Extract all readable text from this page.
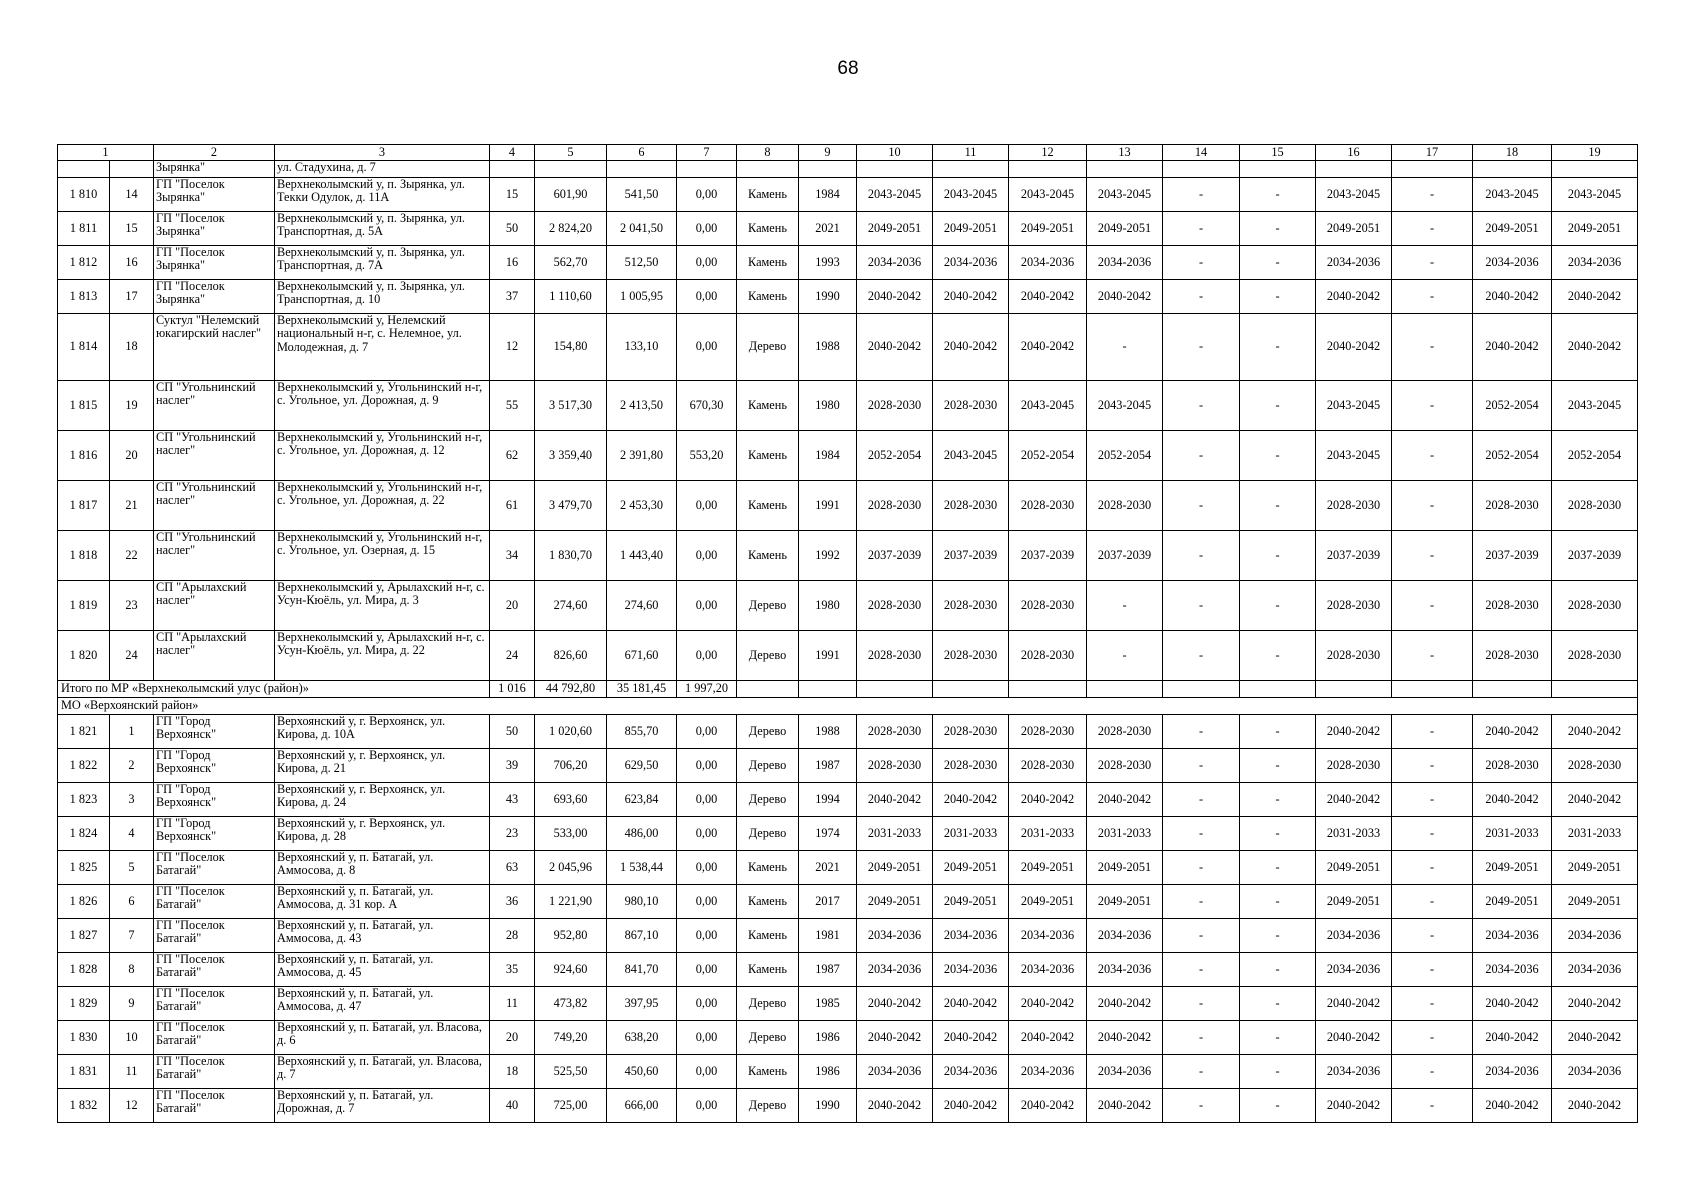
68
1		2	3	4	5	6	7	8	9	10	11	12	13	14	15	16	17	18	19
		Зырянка"	ул. Стадухина, д. 7																
1 810	14	ГП "Поселок Зырянка"	Верхнеколымский у, п. Зырянка, ул. Текки Одулок, д. 11А	15	601,90	541,50	0,00	Камень	1984	2043-2045	2043-2045	2043-2045	2043-2045	-	-	2043-2045	-	2043-2045	2043-2045
1 811	15	ГП "Поселок Зырянка"	Верхнеколымский у, п. Зырянка, ул. Транспортная, д. 5А	50	2 824,20	2 041,50	0,00	Камень	2021	2049-2051	2049-2051	2049-2051	2049-2051	-	-	2049-2051	-	2049-2051	2049-2051
1 812	16	ГП "Поселок Зырянка"	Верхнеколымский у, п. Зырянка, ул. Транспортная, д. 7А	16	562,70	512,50	0,00	Камень	1993	2034-2036	2034-2036	2034-2036	2034-2036	-	-	2034-2036	-	2034-2036	2034-2036
1 813	17	ГП "Поселок Зырянка"	Верхнеколымский у, п. Зырянка, ул. Транспортная, д. 10	37	1 110,60	1 005,95	0,00	Камень	1990	2040-2042	2040-2042	2040-2042	2040-2042	-	-	2040-2042	-	2040-2042	2040-2042
1 814	18	Суктул "Нелемский юкагирский наслег"	Верхнеколымский у, Нелемский национальный н-г, с. Нелемное, ул. Молодежная, д. 7	12	154,80	133,10	0,00	Дерево	1988	2040-2042	2040-2042	2040-2042	-	-	-	2040-2042	-	2040-2042	2040-2042
1 815	19	СП "Угольнинский наслег"	Верхнеколымский у, Угольнинский н-г, с. Угольное, ул. Дорожная, д. 9	55	3 517,30	2 413,50	670,30	Камень	1980	2028-2030	2028-2030	2043-2045	2043-2045	-	-	2043-2045	-	2052-2054	2043-2045
1 816	20	СП "Угольнинский наслег"	Верхнеколымский у, Угольнинский н-г, с. Угольное, ул. Дорожная, д. 12	62	3 359,40	2 391,80	553,20	Камень	1984	2052-2054	2043-2045	2052-2054	2052-2054	-	-	2043-2045	-	2052-2054	2052-2054
1 817	21	СП "Угольнинский наслег"	Верхнеколымский у, Угольнинский н-г, с. Угольное, ул. Дорожная, д. 22	61	3 479,70	2 453,30	0,00	Камень	1991	2028-2030	2028-2030	2028-2030	2028-2030	-	-	2028-2030	-	2028-2030	2028-2030
1 818	22	СП "Угольнинский наслег"	Верхнеколымский у, Угольнинский н-г, с. Угольное, ул. Озерная, д. 15	34	1 830,70	1 443,40	0,00	Камень	1992	2037-2039	2037-2039	2037-2039	2037-2039	-	-	2037-2039	-	2037-2039	2037-2039
1 819	23	СП "Арылахский наслег"	Верхнеколымский у, Арылахский н-г, с. Усун-Кюёль, ул. Мира, д. 3	20	274,60	274,60	0,00	Дерево	1980	2028-2030	2028-2030	2028-2030	-	-	-	2028-2030	-	2028-2030	2028-2030
1 820	24	СП "Арылахский наслег"	Верхнеколымский у, Арылахский н-г, с. Усун-Кюёль, ул. Мира, д. 22	24	826,60	671,60	0,00	Дерево	1991	2028-2030	2028-2030	2028-2030	-	-	-	2028-2030	-	2028-2030	2028-2030
Итого по МР «Верхнеколымский улус (район)»				1 016	44 792,80	35 181,45	1 997,20												
МО «Верхоянский район»																			
1 821	1	ГП "Город Верхоянск"	Верхоянский у, г. Верхоянск, ул. Кирова, д. 10А	50	1 020,60	855,70	0,00	Дерево	1988	2028-2030	2028-2030	2028-2030	2028-2030	-	-	2040-2042	-	2040-2042	2040-2042
1 822	2	ГП "Город Верхоянск"	Верхоянский у, г. Верхоянск, ул. Кирова, д. 21	39	706,20	629,50	0,00	Дерево	1987	2028-2030	2028-2030	2028-2030	2028-2030	-	-	2028-2030	-	2028-2030	2028-2030
1 823	3	ГП "Город Верхоянск"	Верхоянский у, г. Верхоянск, ул. Кирова, д. 24	43	693,60	623,84	0,00	Дерево	1994	2040-2042	2040-2042	2040-2042	2040-2042	-	-	2040-2042	-	2040-2042	2040-2042
1 824	4	ГП "Город Верхоянск"	Верхоянский у, г. Верхоянск, ул. Кирова, д. 28	23	533,00	486,00	0,00	Дерево	1974	2031-2033	2031-2033	2031-2033	2031-2033	-	-	2031-2033	-	2031-2033	2031-2033
1 825	5	ГП "Поселок Батагай"	Верхоянский у, п. Батагай, ул. Аммосова, д. 8	63	2 045,96	1 538,44	0,00	Камень	2021	2049-2051	2049-2051	2049-2051	2049-2051	-	-	2049-2051	-	2049-2051	2049-2051
1 826	6	ГП "Поселок Батагай"	Верхоянский у, п. Батагай, ул. Аммосова, д. 31 кор. А	36	1 221,90	980,10	0,00	Камень	2017	2049-2051	2049-2051	2049-2051	2049-2051	-	-	2049-2051	-	2049-2051	2049-2051
1 827	7	ГП "Поселок Батагай"	Верхоянский у, п. Батагай, ул. Аммосова, д. 43	28	952,80	867,10	0,00	Камень	1981	2034-2036	2034-2036	2034-2036	2034-2036	-	-	2034-2036	-	2034-2036	2034-2036
1 828	8	ГП "Поселок Батагай"	Верхоянский у, п. Батагай, ул. Аммосова, д. 45	35	924,60	841,70	0,00	Камень	1987	2034-2036	2034-2036	2034-2036	2034-2036	-	-	2034-2036	-	2034-2036	2034-2036
1 829	9	ГП "Поселок Батагай"	Верхоянский у, п. Батагай, ул. Аммосова, д. 47	11	473,82	397,95	0,00	Дерево	1985	2040-2042	2040-2042	2040-2042	2040-2042	-	-	2040-2042	-	2040-2042	2040-2042
1 830	10	ГП "Поселок Батагай"	Верхоянский у, п. Батагай, ул. Власова, д. 6	20	749,20	638,20	0,00	Дерево	1986	2040-2042	2040-2042	2040-2042	2040-2042	-	-	2040-2042	-	2040-2042	2040-2042
1 831	11	ГП "Поселок Батагай"	Верхоянский у, п. Батагай, ул. Власова, д. 7	18	525,50	450,60	0,00	Камень	1986	2034-2036	2034-2036	2034-2036	2034-2036	-	-	2034-2036	-	2034-2036	2034-2036
1 832	12	ГП "Поселок Батагай"	Верхоянский у, п. Батагай, ул. Дорожная, д. 7	40	725,00	666,00	0,00	Дерево	1990	2040-2042	2040-2042	2040-2042	2040-2042	-	-	2040-2042	-	2040-2042	2040-2042
